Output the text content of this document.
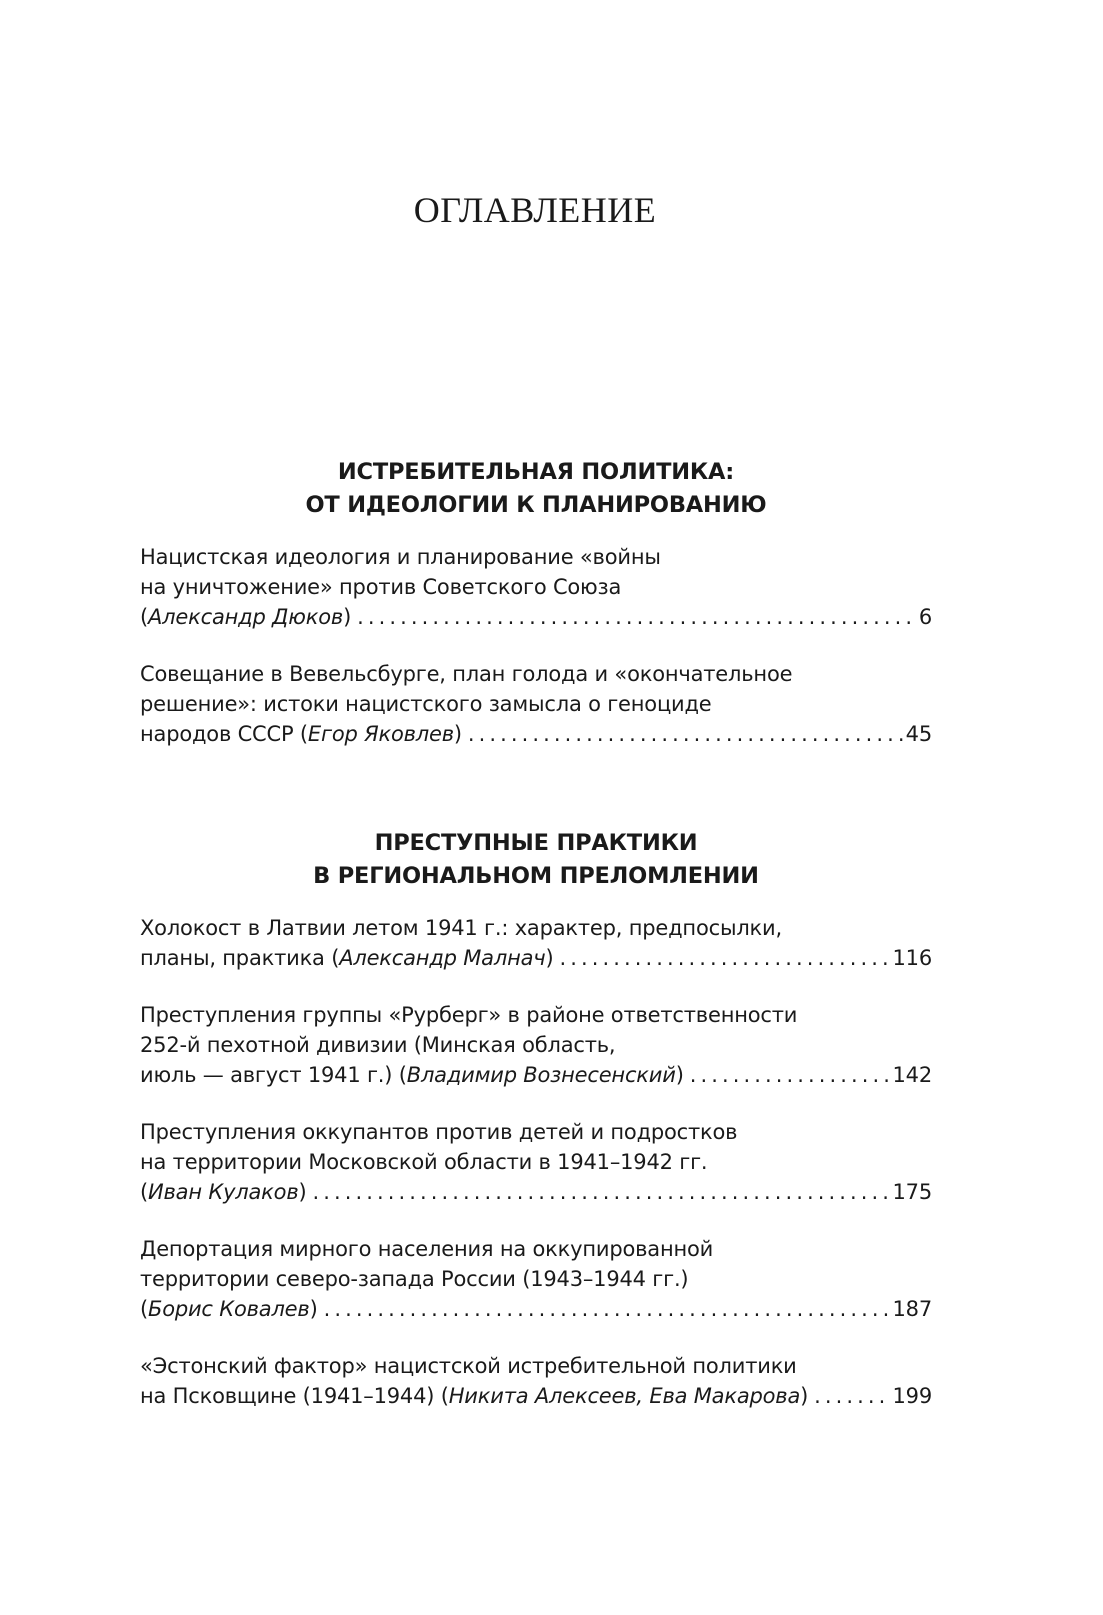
ОГЛАВЛЕНИЕ
ИСТРЕБИТЕЛЬНАЯ ПОЛИТИКА:
ОТ ИДЕОЛОГИИ К ПЛАНИРОВАНИЮ
Нацистская идеология и планирование «войны
на уничтожение» против Советского Союза
(Александр Дюков) . . .	6
Совещание в Вевельсбурге, план голода и «окончательное
решение»: истоки нацистского замысла о геноциде
народов СССР (Егор Яковлев) . . .	45
ПРЕСТУПНЫЕ ПРАКТИКИ
В РЕГИОНАЛЬНОМ ПРЕЛОМЛЕНИИ
Холокост в Латвии летом 1941 г.: характер, предпосылки,
планы, практика (Александр Малнач) . . .	116
Преступления группы «Рурберг» в районе ответственности
252-й пехотной дивизии (Минская область,
июль — август 1941 г.) (Владимир Вознесенский) . . .	142
Преступления оккупантов против детей и подростков
на территории Московской области в 1941–1942 гг.
(Иван Кулаков) . . .	175
Депортация мирного населения на оккупированной
территории северо-запада России (1943–1944 гг.)
(Борис Ковалев) . . .	187
«Эстонский фактор» нацистской истребительной политики
на Псковщине (1941–1944) (Никита Алексеев, Ева Макарова) . . .	199
